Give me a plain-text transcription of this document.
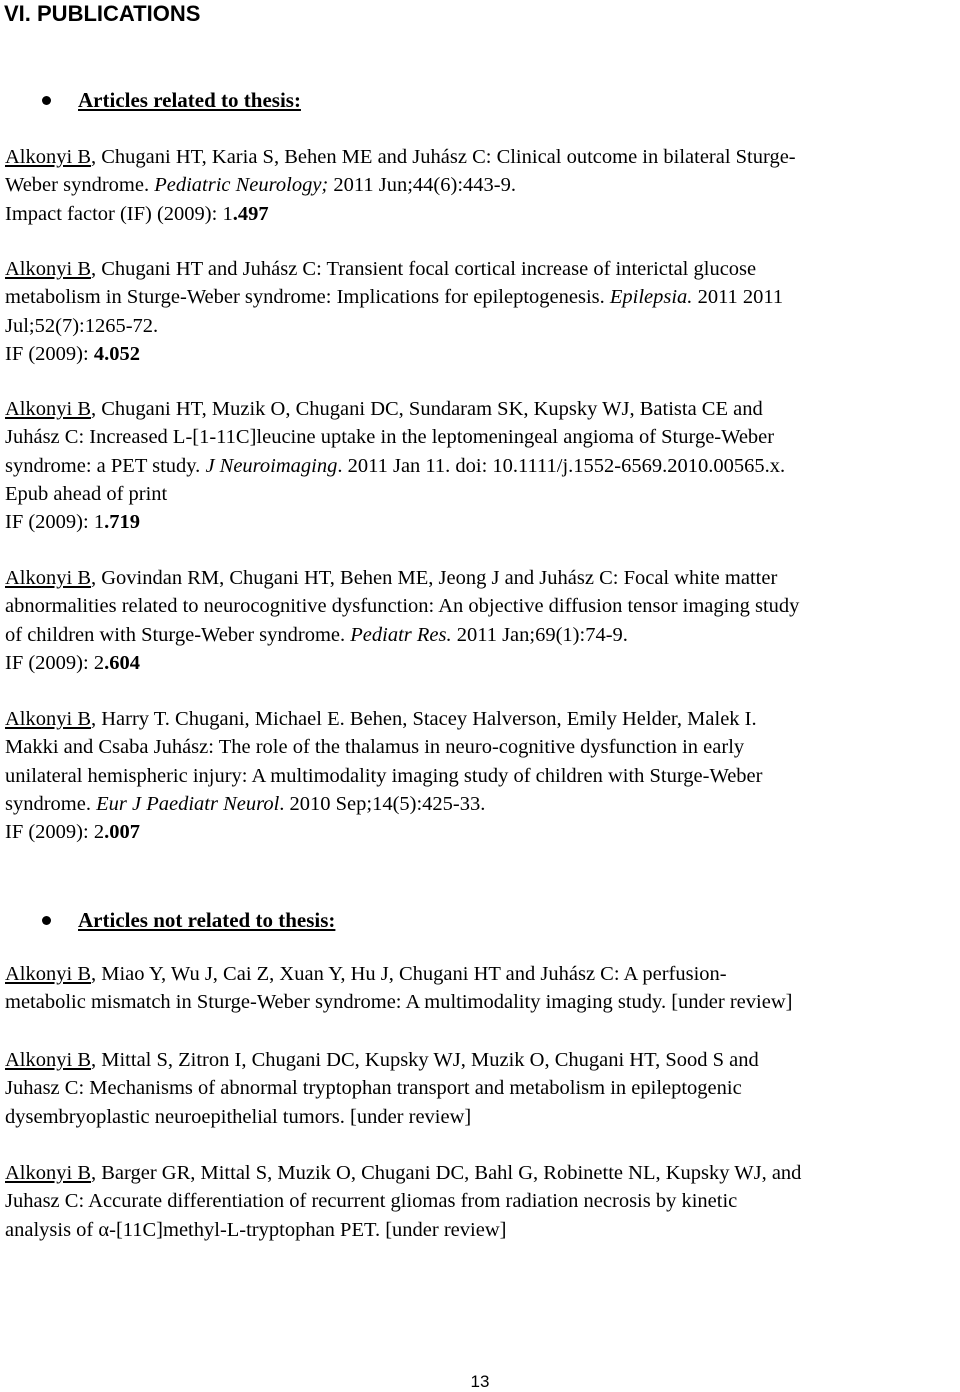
VI. PUBLICATIONS
Articles related to thesis:
Alkonyi B, Chugani HT, Karia S, Behen ME and Juhász C: Clinical outcome in bilateral Sturge-
Weber syndrome. Pediatric Neurology; 2011 Jun;44(6):443-9.
Impact factor (IF) (2009): 1.497
Alkonyi B, Chugani HT and Juhász C: Transient focal cortical increase of interictal glucose
metabolism in Sturge-Weber syndrome: Implications for epileptogenesis. Epilepsia. 2011 2011
Jul;52(7):1265-72.
IF (2009): 4.052
Alkonyi B, Chugani HT, Muzik O, Chugani DC, Sundaram SK, Kupsky WJ, Batista CE and
Juhász C: Increased L-[1-11C]leucine uptake in the leptomeningeal angioma of Sturge-Weber
syndrome: a PET study. J Neuroimaging. 2011 Jan 11. doi: 10.1111/j.1552-6569.2010.00565.x.
Epub ahead of print
IF (2009): 1.719
Alkonyi B, Govindan RM, Chugani HT, Behen ME, Jeong J and Juhász C: Focal white matter
abnormalities related to neurocognitive dysfunction: An objective diffusion tensor imaging study
of children with Sturge-Weber syndrome. Pediatr Res. 2011 Jan;69(1):74-9.
IF (2009): 2.604
Alkonyi B, Harry T. Chugani, Michael E. Behen, Stacey Halverson, Emily Helder, Malek I.
Makki and Csaba Juhász: The role of the thalamus in neuro-cognitive dysfunction in early
unilateral hemispheric injury: A multimodality imaging study of children with Sturge-Weber
syndrome. Eur J Paediatr Neurol. 2010 Sep;14(5):425-33.
IF (2009): 2.007
Articles not related to thesis:
Alkonyi B, Miao Y, Wu J, Cai Z, Xuan Y, Hu J, Chugani HT and Juhász C: A perfusion-
metabolic mismatch in Sturge-Weber syndrome: A multimodality imaging study. [under review]
Alkonyi B, Mittal S, Zitron I, Chugani DC, Kupsky WJ, Muzik O, Chugani HT, Sood S and
Juhasz C: Mechanisms of abnormal tryptophan transport and metabolism in epileptogenic
dysembryoplastic neuroepithelial tumors. [under review]
Alkonyi B, Barger GR, Mittal S, Muzik O, Chugani DC, Bahl G, Robinette NL, Kupsky WJ, and
Juhasz C: Accurate differentiation of recurrent gliomas from radiation necrosis by kinetic
analysis of α-[11C]methyl-L-tryptophan PET. [under review]
13
